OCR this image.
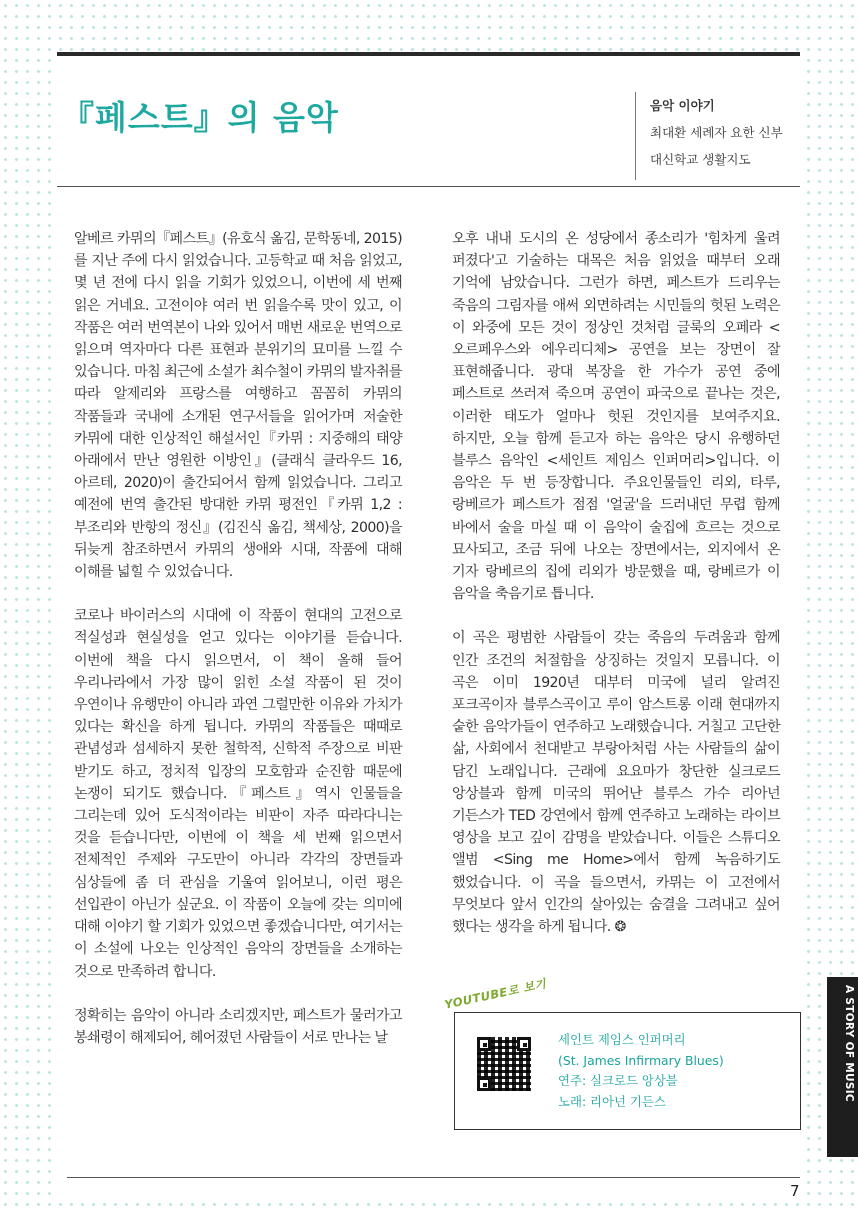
『페스트』의 음악	음악 이야기
최대환 세례자 요한 신부
대신학교 생활지도

알베르 카뮈의『페스트』(유호식 옮김, 문학동네, 2015)를 지난 주에 다시 읽었습니다. 고등학교 때 처음 읽었고, 몇 년 전에 다시 읽을 기회가 있었으니, 이번에 세 번째 읽은 거네요. 고전이야 여러 번 읽을수록 맛이 있고, 이 작품은 여러 번역본이 나와 있어서 매번 새로운 번역으로 읽으며 역자마다 다른 표현과 분위기의 묘미를 느낄 수 있습니다. 마침 최근에 소설가 최수철이 카뮈의 발자취를 따라 알제리와 프랑스를 여행하고 꼼꼼히 카뮈의 작품들과 국내에 소개된 연구서들을 읽어가며 저술한 카뮈에 대한 인상적인 해설서인『카뮈 : 지중해의 태양 아래에서 만난 영원한 이방인』(클래식 클라우드 16, 아르테, 2020)이 출간되어서 함께 읽었습니다. 그리고 예전에 번역 출간된 방대한 카뮈 평전인『카뮈 1,2 : 부조리와 반항의 정신』(김진식 옮김, 책세상, 2000)을 뒤늦게 참조하면서 카뮈의 생애와 시대, 작품에 대해 이해를 넓힐 수 있었습니다.

코로나 바이러스의 시대에 이 작품이 현대의 고전으로 적실성과 현실성을 얻고 있다는 이야기를 듣습니다. 이번에 책을 다시 읽으면서, 이 책이 올해 들어 우리나라에서 가장 많이 읽힌 소설 작품이 된 것이 우연이나 유행만이 아니라 과연 그럴만한 이유와 가치가 있다는 확신을 하게 됩니다. 카뮈의 작품들은 때때로 관념성과 섬세하지 못한 철학적, 신학적 주장으로 비판 받기도 하고, 정치적 입장의 모호함과 순진함 때문에 논쟁이 되기도 했습니다.『페스트』역시 인물들을 그리는데 있어 도식적이라는 비판이 자주 따라다니는 것을 듣습니다만, 이번에 이 책을 세 번째 읽으면서 전체적인 주제와 구도만이 아니라 각각의 장면들과 심상들에 좀 더 관심을 기울여 읽어보니, 이런 평은 선입관이 아닌가 싶군요. 이 작품이 오늘에 갖는 의미에 대해 이야기 할 기회가 있었으면 좋겠습니다만, 여기서는 이 소설에 나오는 인상적인 음악의 장면들을 소개하는 것으로 만족하려 합니다.

정확히는 음악이 아니라 소리겠지만, 페스트가 물러가고 봉쇄령이 해제되어, 헤어졌던 사람들이 서로 만나는 날

오후 내내 도시의 온 성당에서 종소리가 '힘차게 울려 퍼졌다'고 기술하는 대목은 처음 읽었을 때부터 오래 기억에 남았습니다. 그런가 하면, 페스트가 드리우는 죽음의 그림자를 애써 외면하려는 시민들의 헛된 노력은 이 와중에 모든 것이 정상인 것처럼 글룩의 오페라 <오르페우스와 에우리디체> 공연을 보는 장면이 잘 표현해줍니다. 광대 복장을 한 가수가 공연 중에 페스트로 쓰러져 죽으며 공연이 파국으로 끝나는 것은, 이러한 태도가 얼마나 헛된 것인지를 보여주지요. 하지만, 오늘 함께 듣고자 하는 음악은 당시 유행하던 블루스 음악인 <세인트 제임스 인퍼머리>입니다. 이 음악은 두 번 등장합니다. 주요인물들인 리외, 타루, 랑베르가 페스트가 점점 '얼굴'을 드러내던 무렵 함께 바에서 술을 마실 때 이 음악이 술집에 흐르는 것으로 묘사되고, 조금 뒤에 나오는 장면에서는, 외지에서 온 기자 랑베르의 집에 리외가 방문했을 때, 랑베르가 이 음악을 축음기로 틉니다.

이 곡은 평범한 사람들이 갖는 죽음의 두려움과 함께 인간 조건의 처절함을 상징하는 것일지 모릅니다. 이 곡은 이미 1920년 대부터 미국에 널리 알려진 포크곡이자 블루스곡이고 루이 암스트롱 이래 현대까지 숱한 음악가들이 연주하고 노래했습니다. 거칠고 고단한 삶, 사회에서 천대받고 부랑아처럼 사는 사람들의 삶이 담긴 노래입니다. 근래에 요요마가 창단한 실크로드 앙상블과 함께 미국의 뛰어난 블루스 가수 리아넌 기든스가 TED 강연에서 함께 연주하고 노래하는 라이브 영상을 보고 깊이 감명을 받았습니다. 이들은 스튜디오 앨범 <Sing me Home>에서 함께 녹음하기도 했었습니다. 이 곡을 들으면서, 카뮈는 이 고전에서 무엇보다 앞서 인간의 살아있는 숨결을 그려내고 싶어 했다는 생각을 하게 됩니다. ❂

YOUTUBE로 보기
세인트 제임스 인퍼머리
(St. James Infirmary Blues)
연주: 실크로드 앙상블
노래: 리아넌 기든스
7
A STORY OF MUSIC
